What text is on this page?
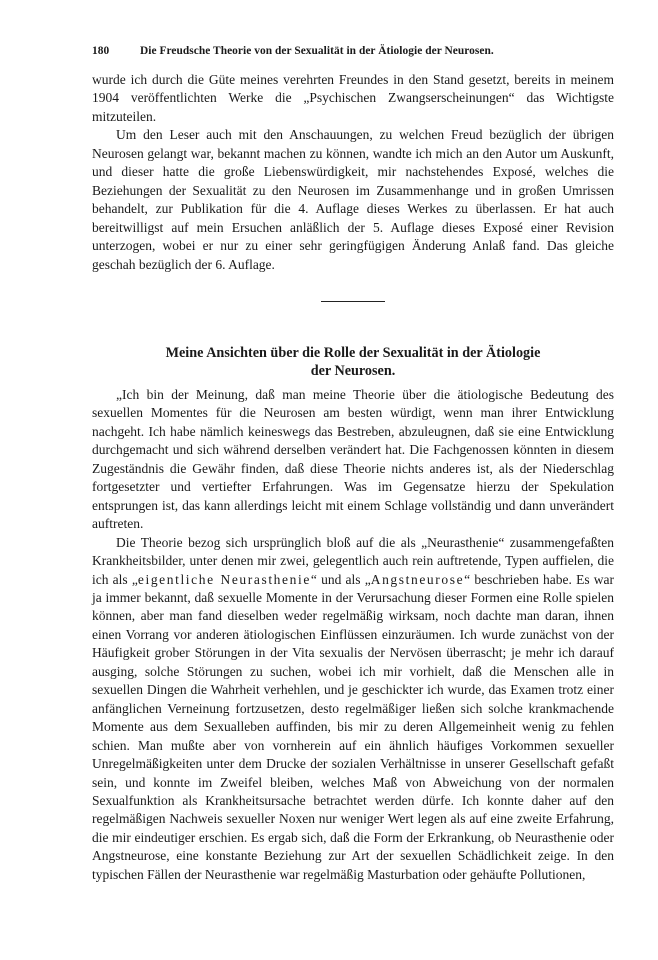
180	Die Freudsche Theorie von der Sexualität in der Ätiologie der Neurosen.

wurde ich durch die Güte meines verehrten Freundes in den Stand gesetzt, bereits in meinem 1904 veröffentlichten Werke die „Psychischen Zwangserscheinungen“ das Wichtigste mitzuteilen.

Um den Leser auch mit den Anschauungen, zu welchen Freud bezüglich der übrigen Neurosen gelangt war, bekannt machen zu können, wandte ich mich an den Autor um Auskunft, und dieser hatte die große Liebenswürdigkeit, mir nachstehendes Exposé, welches die Beziehungen der Sexualität zu den Neurosen im Zusammenhange und in großen Umrissen behandelt, zur Publikation für die 4. Auflage dieses Werkes zu überlassen. Er hat auch bereitwilligst auf mein Ersuchen anläßlich der 5. Auflage dieses Exposé einer Revision unterzogen, wobei er nur zu einer sehr geringfügigen Änderung Anlaß fand. Das gleiche geschah bezüglich der 6. Auflage.

Meine Ansichten über die Rolle der Sexualität in der Ätiologie
der Neurosen.

„Ich bin der Meinung, daß man meine Theorie über die ätiologische Bedeutung des sexuellen Momentes für die Neurosen am besten würdigt, wenn man ihrer Entwicklung nachgeht. Ich habe nämlich keineswegs das Bestreben, abzuleugnen, daß sie eine Entwicklung durchgemacht und sich während derselben verändert hat. Die Fachgenossen könnten in diesem Zugeständnis die Gewähr finden, daß diese Theorie nichts anderes ist, als der Niederschlag fortgesetzter und vertiefter Erfahrungen. Was im Gegensatze hierzu der Spekulation entsprungen ist, das kann allerdings leicht mit einem Schlage vollständig und dann unverändert auftreten.

Die Theorie bezog sich ursprünglich bloß auf die als „Neurasthenie“ zusammengefaßten Krankheitsbilder, unter denen mir zwei, gelegentlich auch rein auftretende, Typen auffielen, die ich als „eigentliche Neurasthenie“ und als „Angstneurose“ beschrieben habe. Es war ja immer bekannt, daß sexuelle Momente in der Verursachung dieser Formen eine Rolle spielen können, aber man fand dieselben weder regelmäßig wirksam, noch dachte man daran, ihnen einen Vorrang vor anderen ätiologischen Einflüssen einzuräumen. Ich wurde zunächst von der Häufigkeit grober Störungen in der Vita sexualis der Nervösen überrascht; je mehr ich darauf ausging, solche Störungen zu suchen, wobei ich mir vorhielt, daß die Menschen alle in sexuellen Dingen die Wahrheit verhehlen, und je geschickter ich wurde, das Examen trotz einer anfänglichen Verneinung fortzusetzen, desto regelmäßiger ließen sich solche krankmachende Momente aus dem Sexualleben auffinden, bis mir zu deren Allgemeinheit wenig zu fehlen schien. Man mußte aber von vornherein auf ein ähnlich häufiges Vorkommen sexueller Unregelmäßigkeiten unter dem Drucke der sozialen Verhältnisse in unserer Gesellschaft gefaßt sein, und konnte im Zweifel bleiben, welches Maß von Abweichung von der normalen Sexualfunktion als Krankheitsursache betrachtet werden dürfe. Ich konnte daher auf den regelmäßigen Nachweis sexueller Noxen nur weniger Wert legen als auf eine zweite Erfahrung, die mir eindeutiger erschien. Es ergab sich, daß die Form der Erkrankung, ob Neurasthenie oder Angstneurose, eine konstante Beziehung zur Art der sexuellen Schädlichkeit zeige. In den typischen Fällen der Neurasthenie war regelmäßig Masturbation oder gehäufte Pollutionen,
